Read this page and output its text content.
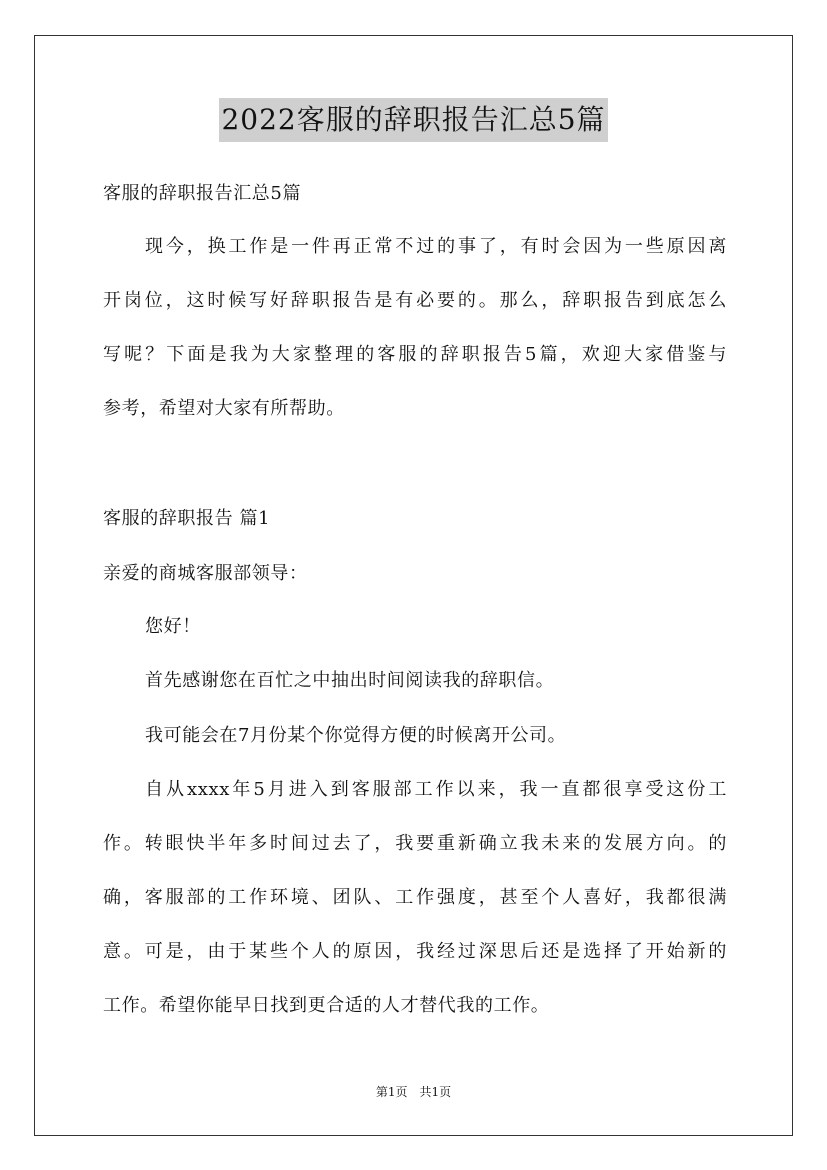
2022客服的辞职报告汇总5篇
客服的辞职报告汇总5篇
现今，换工作是一件再正常不过的事了，有时会因为一些原因离
开岗位，这时候写好辞职报告是有必要的。那么，辞职报告到底怎么
写呢？下面是我为大家整理的客服的辞职报告5篇，欢迎大家借鉴与
参考，希望对大家有所帮助。
客服的辞职报告 篇1
亲爱的商城客服部领导：
您好！
首先感谢您在百忙之中抽出时间阅读我的辞职信。
我可能会在7月份某个你觉得方便的时候离开公司。
自从xxxx年5月进入到客服部工作以来，我一直都很享受这份工
作。转眼快半年多时间过去了，我要重新确立我未来的发展方向。的
确，客服部的工作环境、团队、工作强度，甚至个人喜好，我都很满
意。可是，由于某些个人的原因，我经过深思后还是选择了开始新的
工作。希望你能早日找到更合适的人才替代我的工作。
第1页　共1页
